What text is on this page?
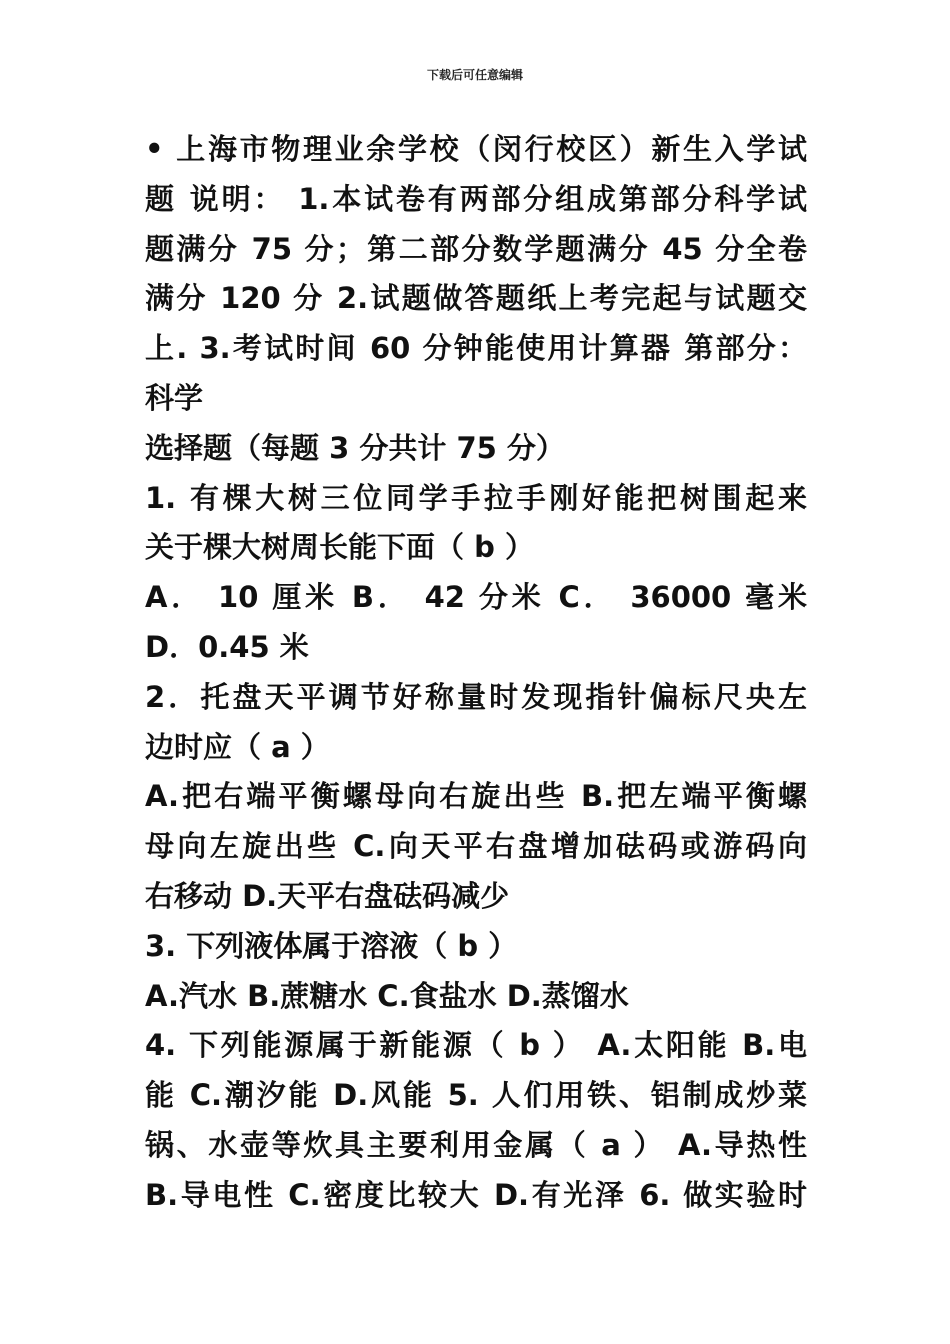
下载后可任意编辑
• 上海市物理业余学校（闵行校区）新生入学试
题 说明： 1.本试卷有两部分组成第部分科学试
题满分 75 分；第二部分数学题满分 45 分全卷
满分 120 分 2.试题做答题纸上考完起与试题交
上. 3.考试时间 60 分钟能使用计算器 第部分：
科学
选择题（每题 3 分共计 75 分）
1. 有棵大树三位同学手拉手刚好能把树围起来
关于棵大树周长能下面（ b ）
A． 10 厘米 B． 42 分米 C． 36000 毫米
D．0.45 米
2．托盘天平调节好称量时发现指针偏标尺央左
边时应（ a ）
A.把右端平衡螺母向右旋出些 B.把左端平衡螺
母向左旋出些 C.向天平右盘增加砝码或游码向
右移动 D.天平右盘砝码减少
3. 下列液体属于溶液（ b ）
A.汽水 B.蔗糖水 C.食盐水 D.蒸馏水
4. 下列能源属于新能源（ b ） A.太阳能 B.电
能 C.潮汐能 D.风能 5. 人们用铁、铝制成炒菜
锅、水壶等炊具主要利用金属（ a ） A.导热性
B.导电性 C.密度比较大 D.有光泽 6. 做实验时
